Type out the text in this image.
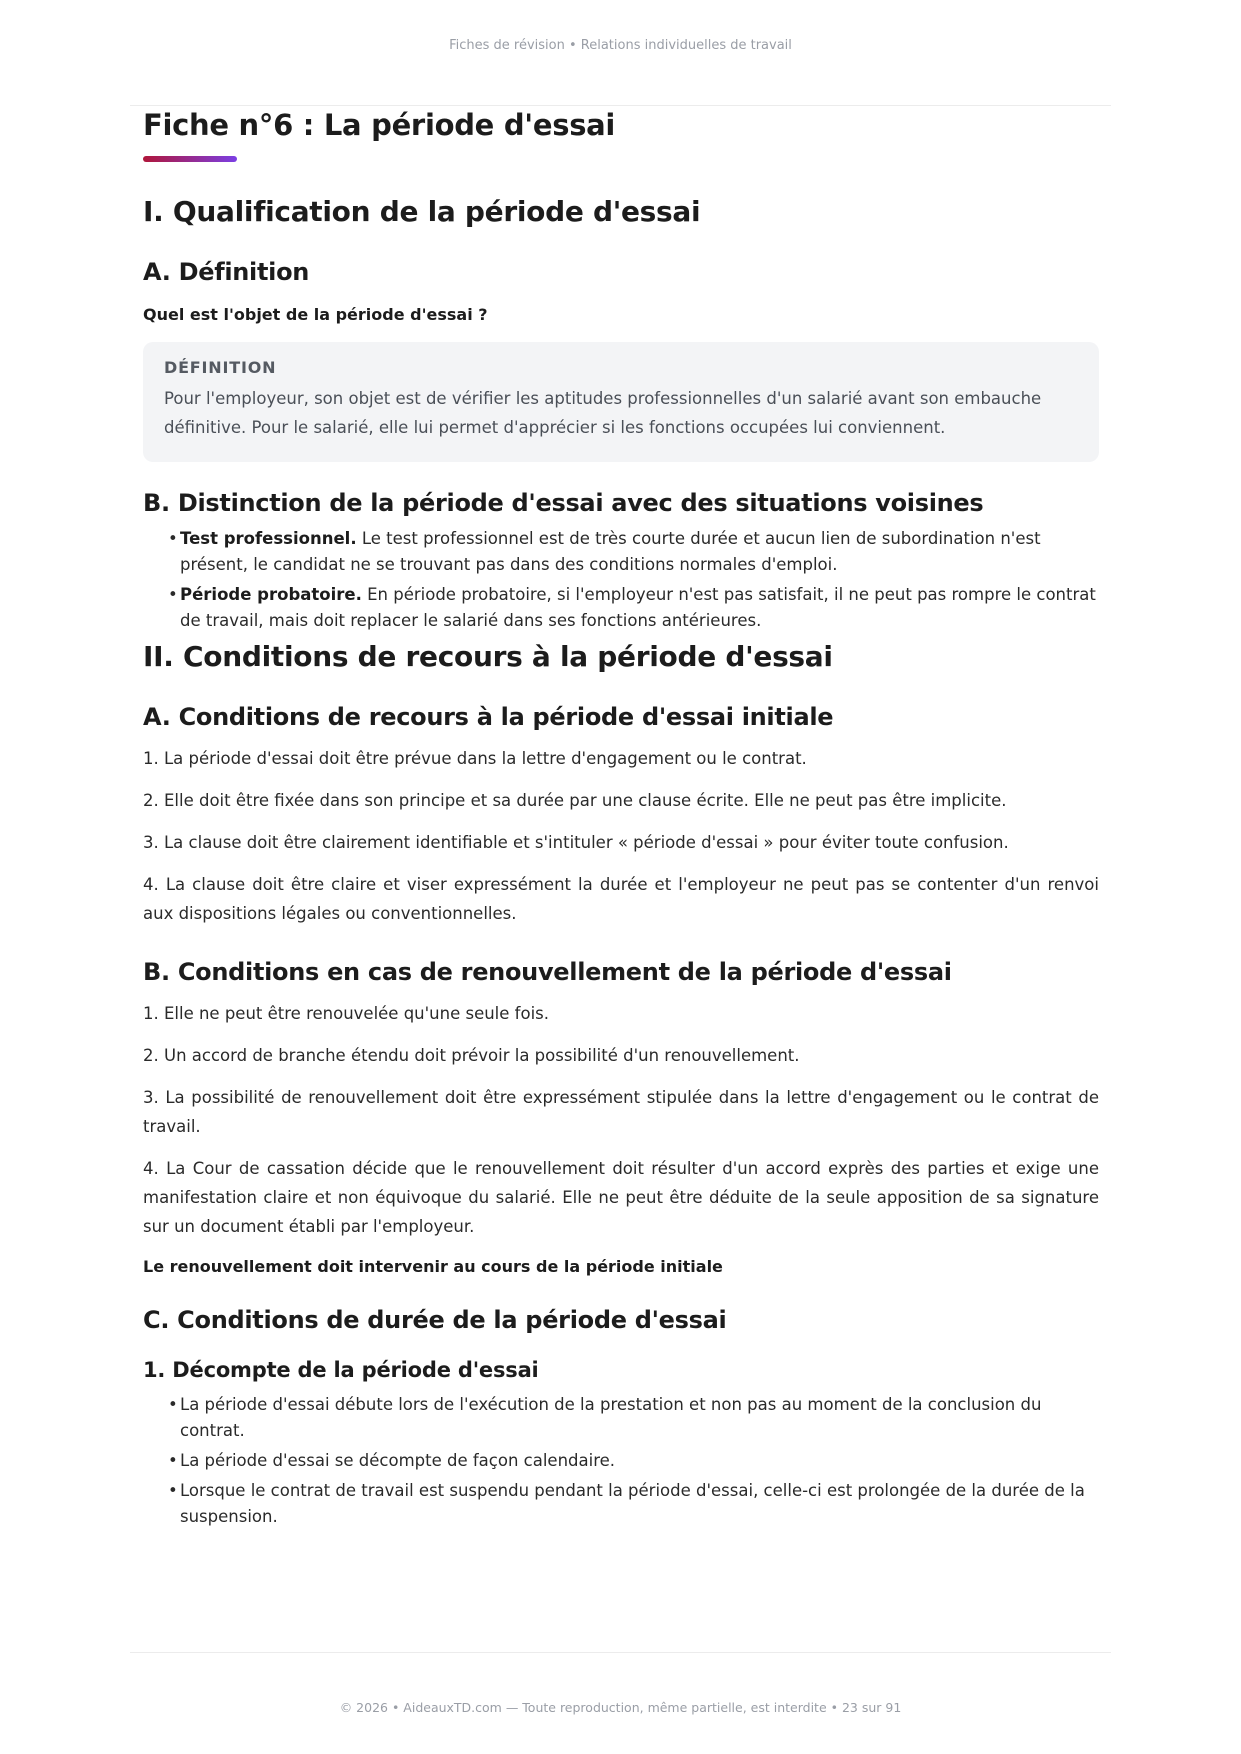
Fiches de révision • Relations individuelles de travail
Fiche n°6 : La période d'essai
I. Qualification de la période d'essai
A. Définition
Quel est l'objet de la période d'essai ?
DÉFINITION
Pour l'employeur, son objet est de vérifier les aptitudes professionnelles d'un salarié avant son embauche définitive. Pour le salarié, elle lui permet d'apprécier si les fonctions occupées lui conviennent.
B. Distinction de la période d'essai avec des situations voisines
• Test professionnel. Le test professionnel est de très courte durée et aucun lien de subordination n'est présent, le candidat ne se trouvant pas dans des conditions normales d'emploi.
• Période probatoire. En période probatoire, si l'employeur n'est pas satisfait, il ne peut pas rompre le contrat de travail, mais doit replacer le salarié dans ses fonctions antérieures.
II. Conditions de recours à la période d'essai
A. Conditions de recours à la période d'essai initiale

1. La période d'essai doit être prévue dans la lettre d'engagement ou le contrat.

2. Elle doit être fixée dans son principe et sa durée par une clause écrite. Elle ne peut pas être implicite.

3. La clause doit être clairement identifiable et s'intituler « période d'essai » pour éviter toute confusion.

4. La clause doit être claire et viser expressément la durée et l'employeur ne peut pas se contenter d'un renvoi aux dispositions légales ou conventionnelles.

B. Conditions en cas de renouvellement de la période d'essai

1. Elle ne peut être renouvelée qu'une seule fois.

2. Un accord de branche étendu doit prévoir la possibilité d'un renouvellement.

3. La possibilité de renouvellement doit être expressément stipulée dans la lettre d'engagement ou le contrat de travail.

4. La Cour de cassation décide que le renouvellement doit résulter d'un accord exprès des parties et exige une manifestation claire et non équivoque du salarié. Elle ne peut être déduite de la seule apposition de sa signature sur un document établi par l'employeur.

Le renouvellement doit intervenir au cours de la période initiale
C. Conditions de durée de la période d'essai
1. Décompte de la période d'essai
• La période d'essai débute lors de l'exécution de la prestation et non pas au moment de la conclusion du contrat.
• La période d'essai se décompte de façon calendaire.
• Lorsque le contrat de travail est suspendu pendant la période d'essai, celle-ci est prolongée de la durée de la suspension.
© 2026 • AideauxTD.com — Toute reproduction, même partielle, est interdite • 23 sur 91
